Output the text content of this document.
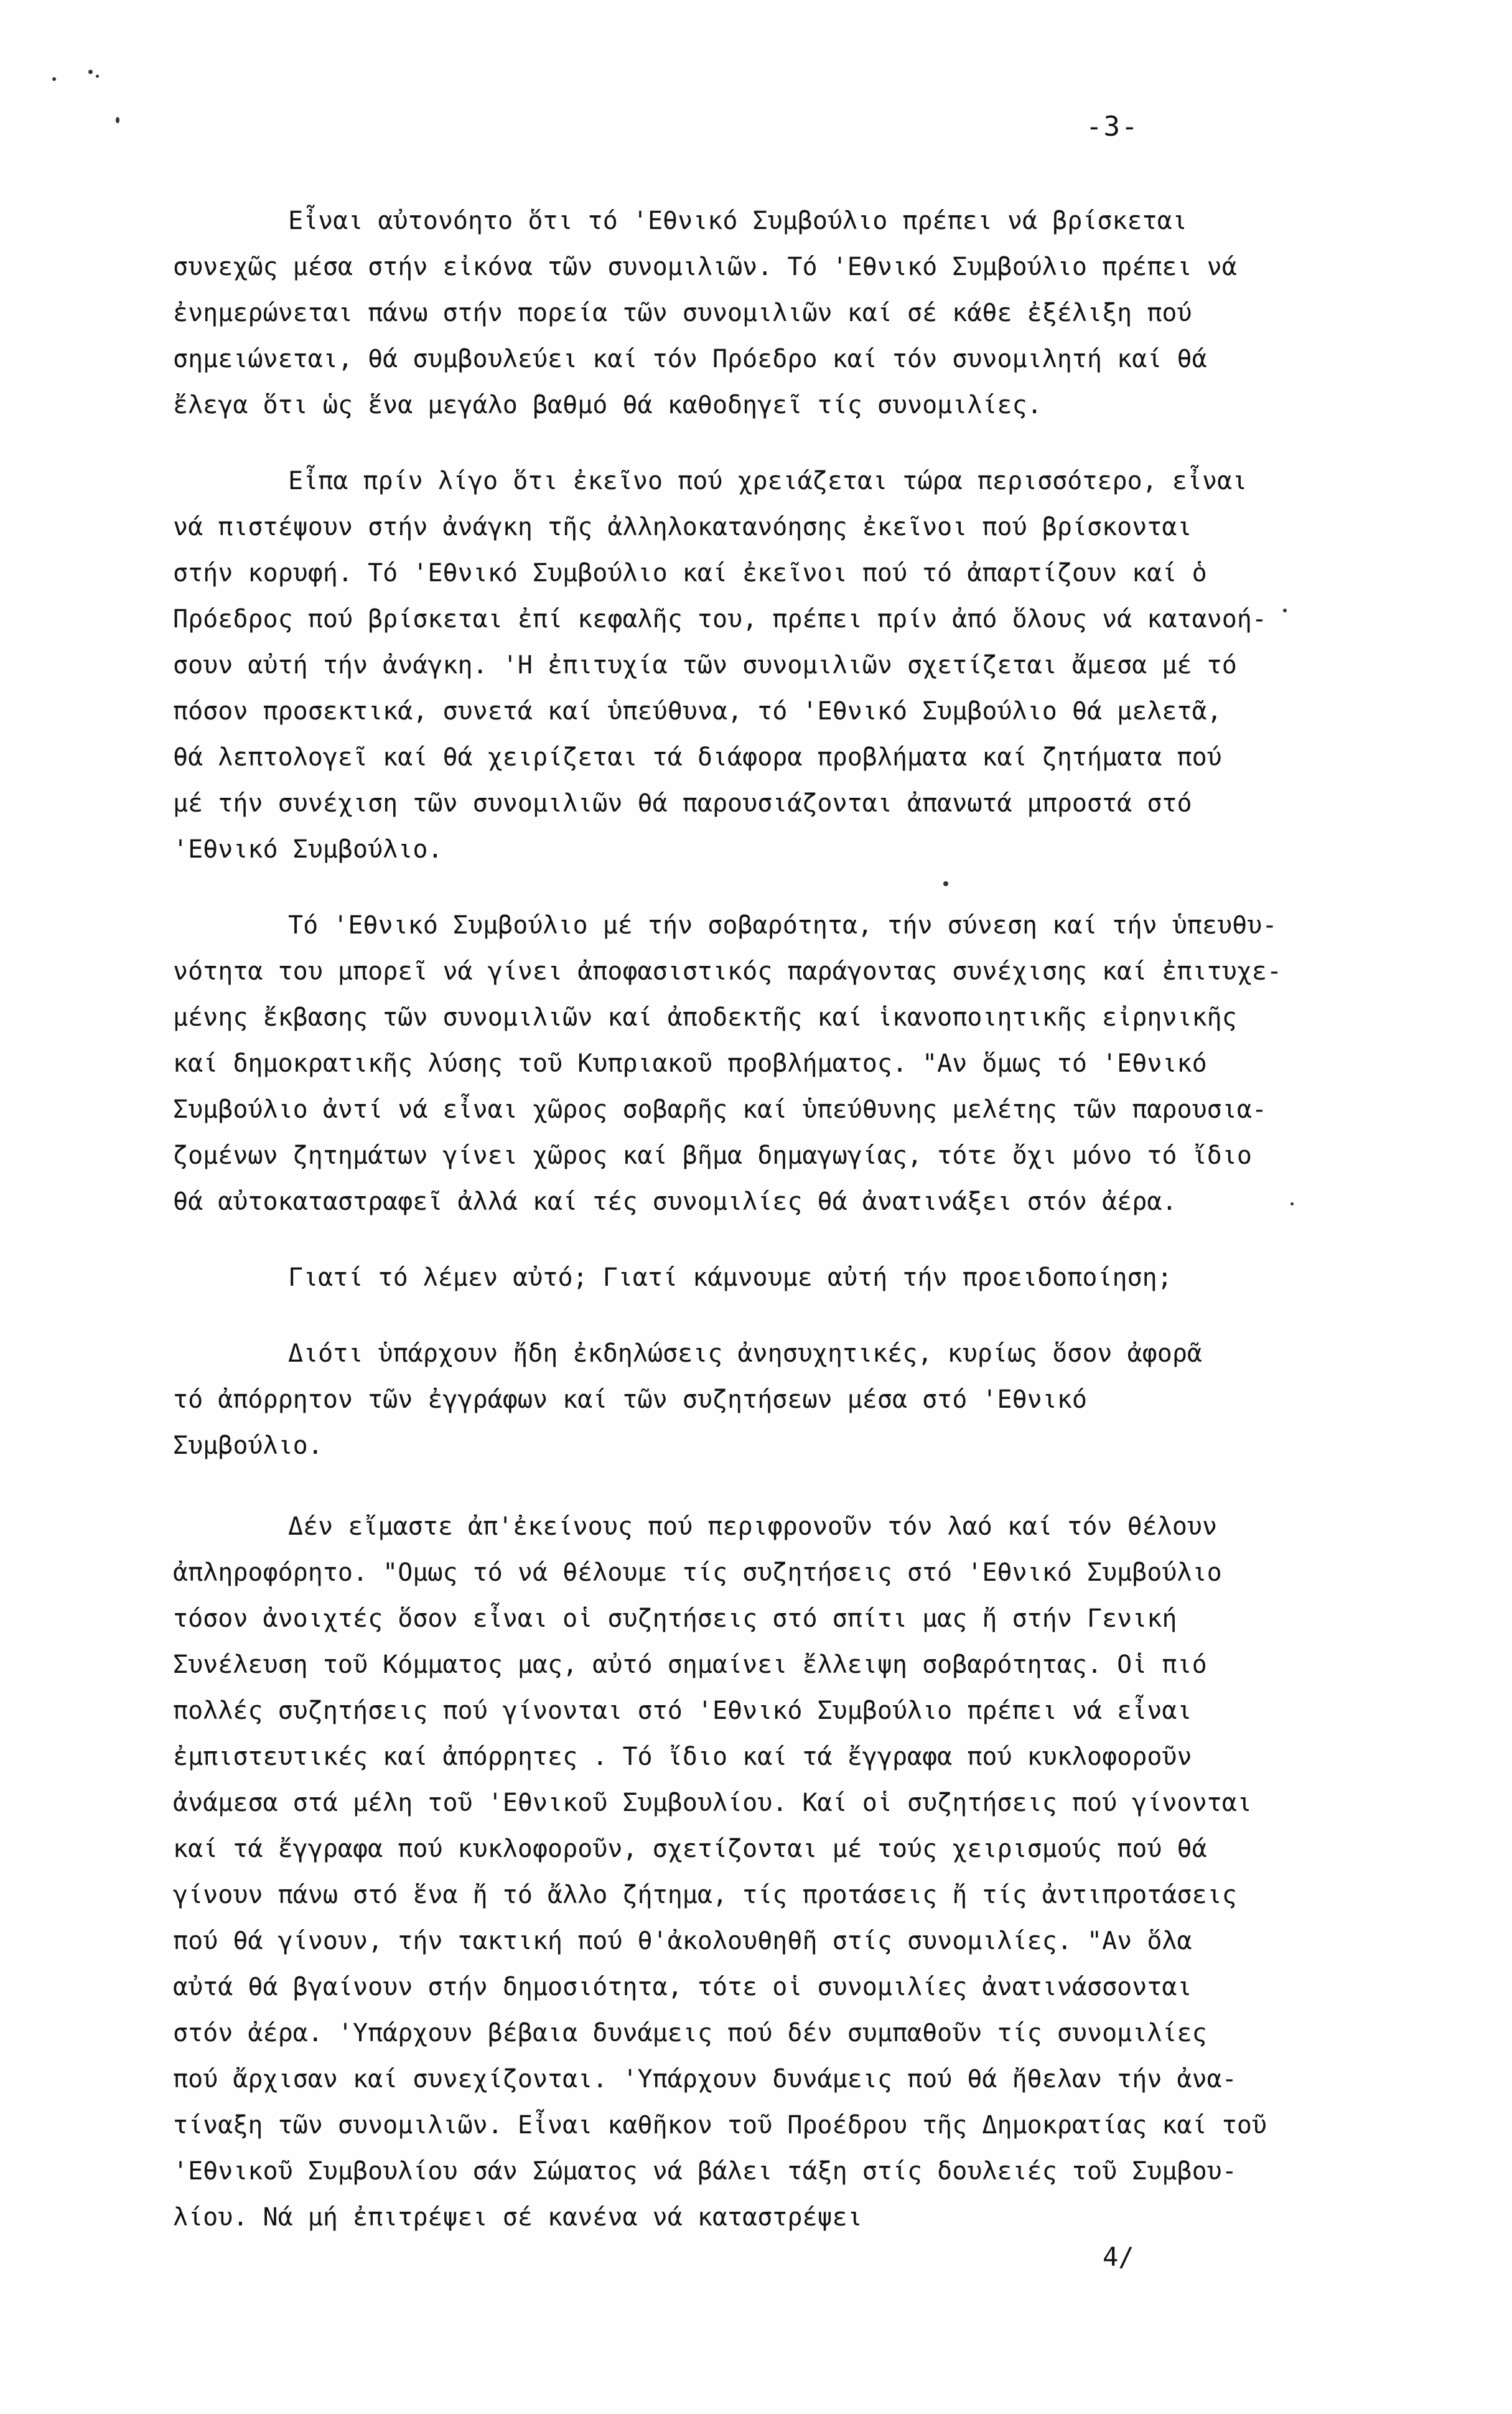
-3-
Εἶναι αὐτονόητο ὅτι τό 'Εθνικό Συμβούλιο πρέπει νά βρίσκεται
συνεχῶς μέσα στήν εἰκόνα τῶν συνομιλιῶν. Τό 'Εθνικό Συμβούλιο πρέπει νά
ἐνημερώνεται πάνω στήν πορεία τῶν συνομιλιῶν καί σέ κάθε ἐξέλιξη πού
σημειώνεται, θά συμβουλεύει καί τόν Πρόεδρο καί τόν συνομιλητή καί θά
ἔλεγα ὅτι ὡς ἕνα μεγάλο βαθμό θά καθοδηγεῖ τίς συνομιλίες.
Εἶπα πρίν λίγο ὅτι ἐκεῖνο πού χρειάζεται τώρα περισσότερο, εἶναι
νά πιστέψουν στήν ἀνάγκη τῆς ἀλληλοκατανόησης ἐκεῖνοι πού βρίσκονται
στήν κορυφή. Τό 'Εθνικό Συμβούλιο καί ἐκεῖνοι πού τό ἀπαρτίζουν καί ὁ
Πρόεδρος πού βρίσκεται ἐπί κεφαλῆς του, πρέπει πρίν ἀπό ὅλους νά κατανοή-
σουν αὐτή τήν ἀνάγκη. 'Η ἐπιτυχία τῶν συνομιλιῶν σχετίζεται ἄμεσα μέ τό
πόσον προσεκτικά, συνετά καί ὑπεύθυνα, τό 'Εθνικό Συμβούλιο θά μελετᾶ,
θά λεπτολογεῖ καί θά χειρίζεται τά διάφορα προβλήματα καί ζητήματα πού
μέ τήν συνέχιση τῶν συνομιλιῶν θά παρουσιάζονται ἀπανωτά μπροστά στό
'Εθνικό Συμβούλιο.
Τό 'Εθνικό Συμβούλιο μέ τήν σοβαρότητα, τήν σύνεση καί τήν ὑπευθυ-
νότητα του μπορεῖ νά γίνει ἀποφασιστικός παράγοντας συνέχισης καί ἐπιτυχε-
μένης ἔκβασης τῶν συνομιλιῶν καί ἀποδεκτῆς καί ἱκανοποιητικῆς εἰρηνικῆς
καί δημοκρατικῆς λύσης τοῦ Κυπριακοῦ προβλήματος. "Αν ὅμως τό 'Εθνικό
Συμβούλιο ἀντί νά εἶναι χῶρος σοβαρῆς καί ὑπεύθυνης μελέτης τῶν παρουσια-
ζομένων ζητημάτων γίνει χῶρος καί βῆμα δημαγωγίας, τότε ὄχι μόνο τό ἴδιο
θά αὐτοκαταστραφεῖ ἀλλά καί τές συνομιλίες θά ἀνατινάξει στόν ἀέρα.
Γιατί τό λέμεν αὐτό; Γιατί κάμνουμε αὐτή τήν προειδοποίηση;
Διότι ὑπάρχουν ἤδη ἐκδηλώσεις ἀνησυχητικές, κυρίως ὅσον ἀφορᾶ
τό ἀπόρρητον τῶν ἐγγράφων καί τῶν συζητήσεων μέσα στό 'Εθνικό
Συμβούλιο.
Δέν εἴμαστε ἀπ'ἐκείνους πού περιφρονοῦν τόν λαό καί τόν θέλουν
ἀπληροφόρητο. "Ομως τό νά θέλουμε τίς συζητήσεις στό 'Εθνικό Συμβούλιο
τόσον ἀνοιχτές ὅσον εἶναι οἱ συζητήσεις στό σπίτι μας ἤ στήν Γενική
Συνέλευση τοῦ Κόμματος μας, αὐτό σημαίνει ἔλλειψη σοβαρότητας. Οἱ πιό
πολλές συζητήσεις πού γίνονται στό 'Εθνικό Συμβούλιο πρέπει νά εἶναι
ἐμπιστευτικές καί ἀπόρρητες . Τό ἴδιο καί τά ἔγγραφα πού κυκλοφοροῦν
ἀνάμεσα στά μέλη τοῦ 'Εθνικοῦ Συμβουλίου. Καί οἱ συζητήσεις πού γίνονται
καί τά ἔγγραφα πού κυκλοφοροῦν, σχετίζονται μέ τούς χειρισμούς πού θά
γίνουν πάνω στό ἕνα ἤ τό ἄλλο ζήτημα, τίς προτάσεις ἤ τίς ἀντιπροτάσεις
πού θά γίνουν, τήν τακτική πού θ'ἀκολουθηθῆ στίς συνομιλίες. "Αν ὅλα
αὐτά θά βγαίνουν στήν δημοσιότητα, τότε οἱ συνομιλίες ἀνατινάσσονται
στόν ἀέρα. 'Υπάρχουν βέβαια δυνάμεις πού δέν συμπαθοῦν τίς συνομιλίες
πού ἄρχισαν καί συνεχίζονται. 'Υπάρχουν δυνάμεις πού θά ἤθελαν τήν ἀνα-
τίναξη τῶν συνομιλιῶν. Εἶναι καθῆκον τοῦ Προέδρου τῆς Δημοκρατίας καί τοῦ
'Εθνικοῦ Συμβουλίου σάν Σώματος νά βάλει τάξη στίς δουλειές τοῦ Συμβου-
λίου. Νά μή ἐπιτρέψει σέ κανένα νά καταστρέψει
4/
